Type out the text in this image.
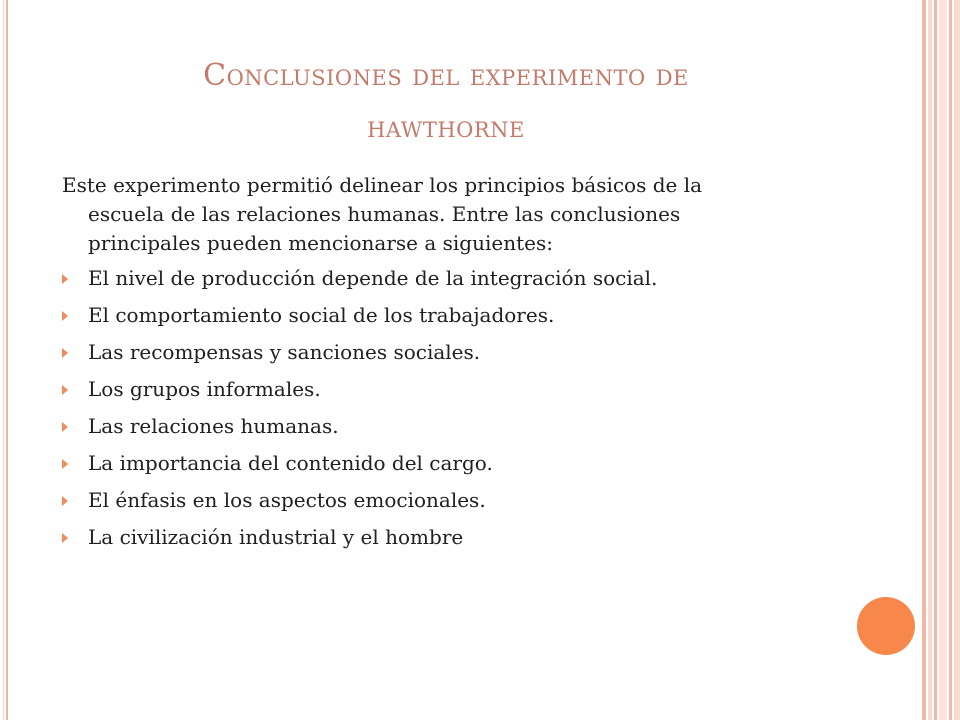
Conclusiones del experimento de
hawthorne

Este experimento permitió delinear los principios básicos de la escuela de las relaciones humanas. Entre las conclusiones principales pueden mencionarse a siguientes:

El nivel de producción depende de la integración social.
El comportamiento social de los trabajadores.
Las recompensas y sanciones sociales.
Los grupos informales.
Las relaciones humanas.
La importancia del contenido del cargo.
El énfasis en los aspectos emocionales.
La civilización industrial y el hombre
